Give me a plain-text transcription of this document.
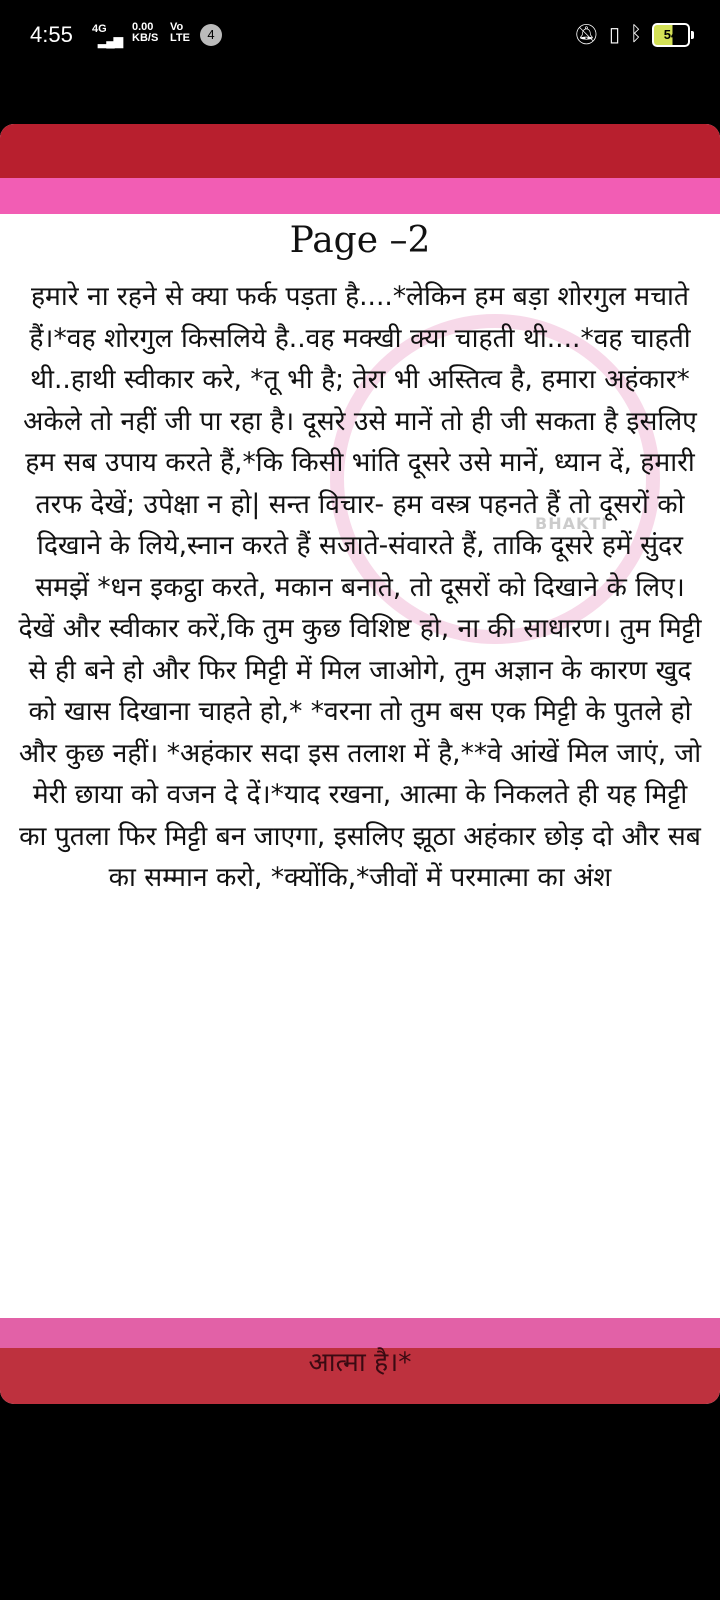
4:55 4G
▂▄▆
0.00
KB/S
Vo
LTE	4	🔕︎ ▯ ᛒ	54
BHAKTI
Page –2

हमारे ना रहने से क्या फर्क पड़ता है....*लेकिन हम बड़ा शोरगुल मचाते हैं।*वह शोरगुल किसलिये है..वह मक्खी क्या चाहती थी....*वह चाहती थी..हाथी स्वीकार करे, *तू भी है; तेरा भी अस्तित्व है, हमारा अहंकार* अकेले तो नहीं जी पा रहा है। दूसरे उसे मानें तो ही जी सकता है इसलिए हम सब उपाय करते हैं,*कि किसी भांति दूसरे उसे मानें, ध्यान दें, हमारी तरफ देखें; उपेक्षा न हो| सन्त विचार- हम वस्त्र पहनते हैं तो दूसरों को दिखाने के लिये,स्नान करते हैं सजाते-संवारते हैं, ताकि दूसरे हमें सुंदर समझें *धन इकट्ठा करते, मकान बनाते, तो दूसरों को दिखाने के लिए। देखें और स्वीकार करें,कि तुम कुछ विशिष्ट हो, ना की साधारण। तुम मिट्टी से ही बने हो और फिर मिट्टी में मिल जाओगे, तुम अज्ञान के कारण खुद को खास दिखाना चाहते हो,* *वरना तो तुम बस एक मिट्टी के पुतले हो और कुछ नहीं। *अहंकार सदा इस तलाश में है,**वे आंखें मिल जाएं, जो मेरी छाया को वजन दे दें।*याद रखना, आत्मा के निकलते ही यह मिट्टी का पुतला फिर मिट्टी बन जाएगा, इसलिए झूठा अहंकार छोड़ दो और सब का सम्मान करो, *क्योंकि,*जीवों में परमात्मा का अंश

आत्मा है।*
